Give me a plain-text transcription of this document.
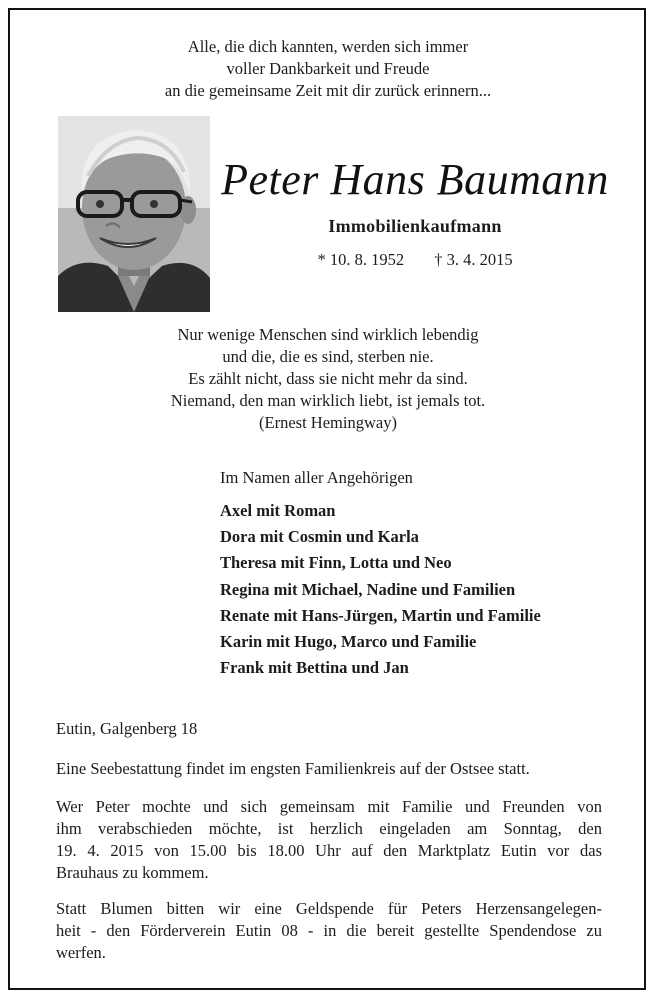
Alle, die dich kannten, werden sich immer
voller Dankbarkeit und Freude
an die gemeinsame Zeit mit dir zurück erinnern...
Peter Hans Baumann
Immobilienkaufmann
* 10. 8. 1952 † 3. 4. 2015
Nur wenige Menschen sind wirklich lebendig
und die, die es sind, sterben nie.
Es zählt nicht, dass sie nicht mehr da sind.
Niemand, den man wirklich liebt, ist jemals tot.
(Ernest Hemingway)
Im Namen aller Angehörigen
Axel mit Roman
Dora mit Cosmin und Karla
Theresa mit Finn, Lotta und Neo
Regina mit Michael, Nadine und Familien
Renate mit Hans-Jürgen, Martin und Familie
Karin mit Hugo, Marco und Familie
Frank mit Bettina und Jan
Eutin, Galgenberg 18
Eine Seebestattung findet im engsten Familienkreis auf der Ostsee statt.
Wer Peter mochte und sich gemeinsam mit Familie und Freunden von
ihm verabschieden möchte, ist herzlich eingeladen am Sonntag, den
19. 4. 2015 von 15.00 bis 18.00 Uhr auf den Marktplatz Eutin vor das
Brauhaus zu kommem.
Statt Blumen bitten wir eine Geldspende für Peters Herzensangelegen-
heit - den Förderverein Eutin 08 - in die bereit gestellte Spendendose zu
werfen.
